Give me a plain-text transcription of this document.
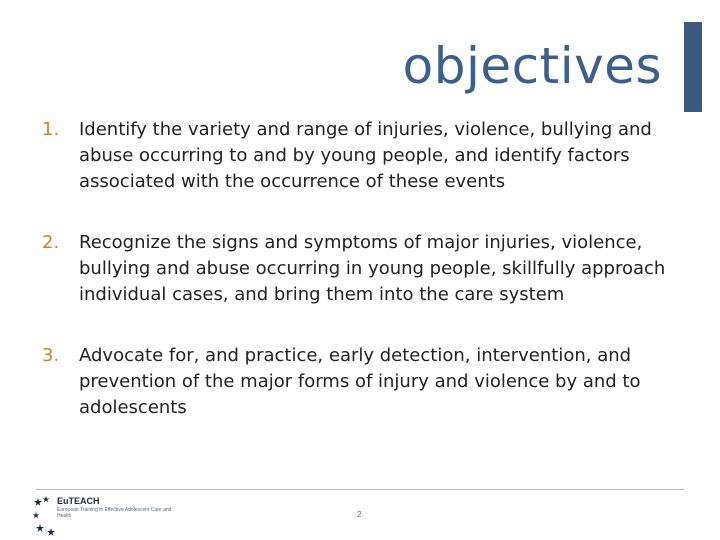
objectives
1. Identify the variety and range of injuries, violence, bullying and abuse occurring to and by young people, and identify factors associated with the occurrence of these events
2. Recognize the signs and symptoms of major injuries, violence, bullying and abuse occurring in young people, skillfully approach individual cases, and bring them into the care system
3. Advocate for, and practice, early detection, intervention, and prevention of the major forms of injury and violence by and to adolescents
EuTEACH
European Training in Effective Adolescent Care and Health	2
